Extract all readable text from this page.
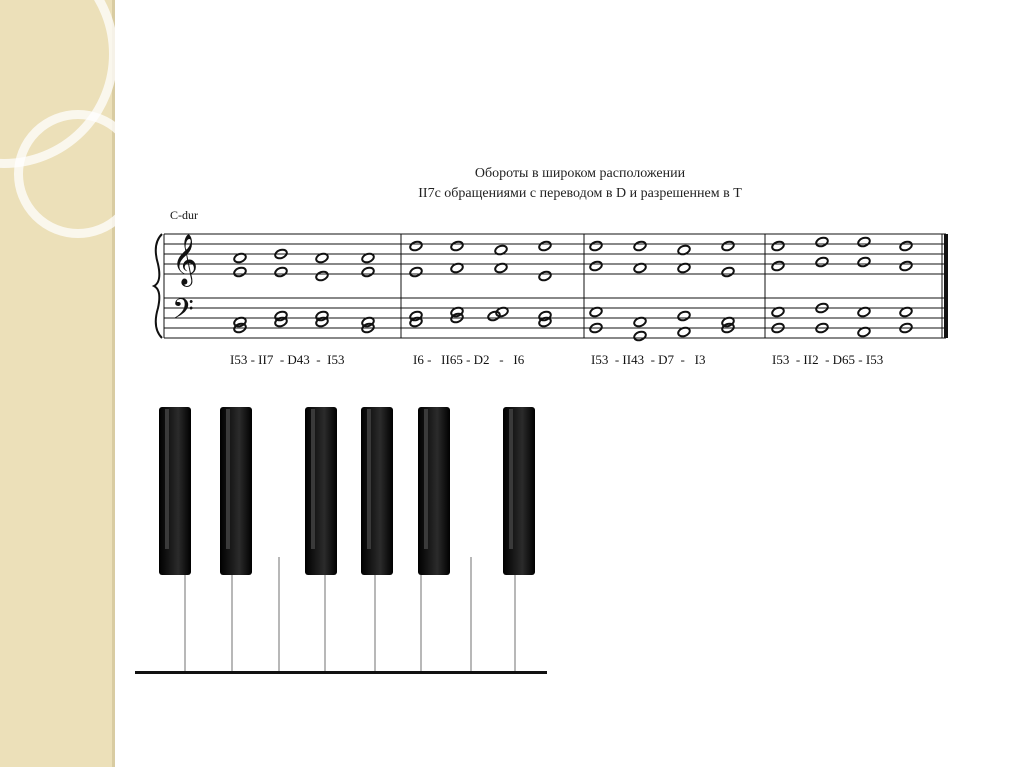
Обороты в широком расположении
II7с обращениями с переводом в D и разрешеннем в Т
C-dur
𝄞
𝄢
I53 - II7  - D43  -  I53	I6 -   II65 - D2   -   I6	I53  - II43  - D7  -   I3	I53  - II2  - D65 - I53
